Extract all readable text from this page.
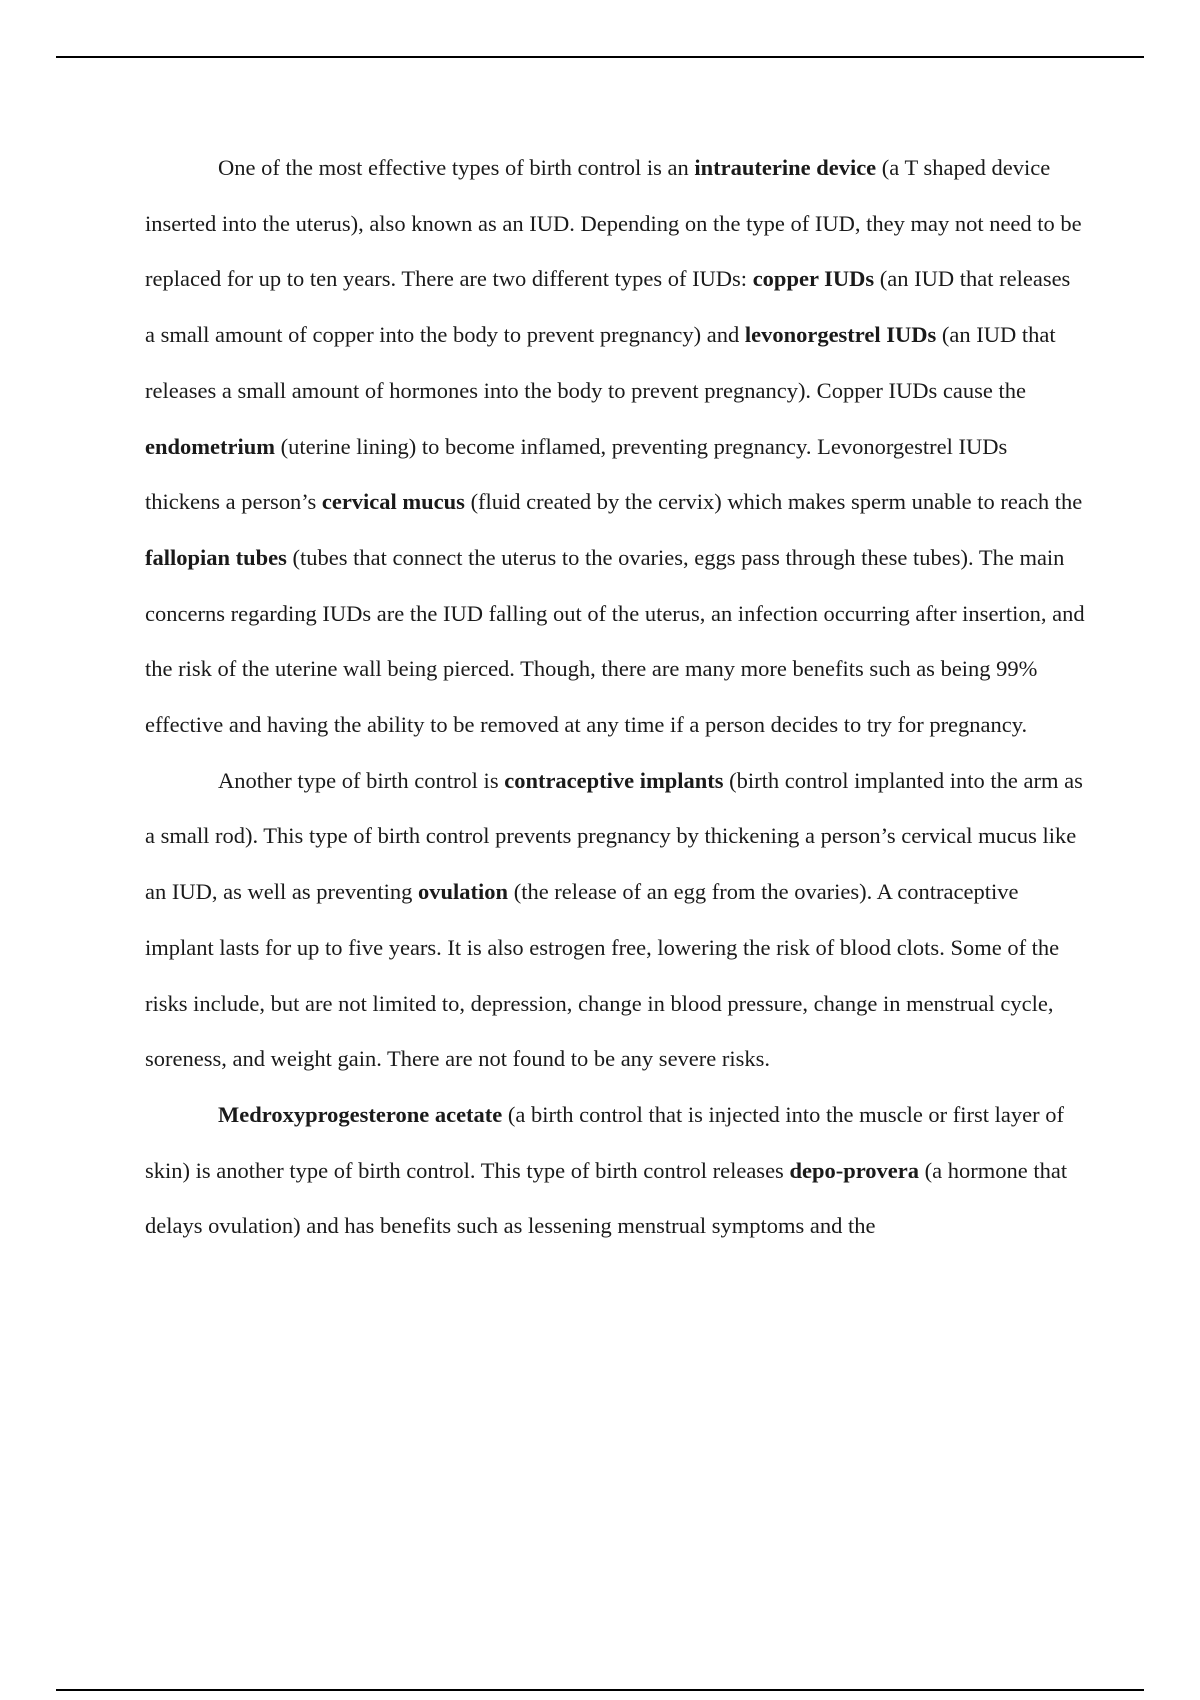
One of the most effective types of birth control is an intrauterine device (a T shaped device inserted into the uterus), also known as an IUD. Depending on the type of IUD, they may not need to be replaced for up to ten years. There are two different types of IUDs: copper IUDs (an IUD that releases a small amount of copper into the body to prevent pregnancy) and levonorgestrel IUDs (an IUD that releases a small amount of hormones into the body to prevent pregnancy). Copper IUDs cause the endometrium (uterine lining) to become inflamed, preventing pregnancy. Levonorgestrel IUDs thickens a person’s cervical mucus (fluid created by the cervix) which makes sperm unable to reach the fallopian tubes (tubes that connect the uterus to the ovaries, eggs pass through these tubes). The main concerns regarding IUDs are the IUD falling out of the uterus, an infection occurring after insertion, and the risk of the uterine wall being pierced. Though, there are many more benefits such as being 99% effective and having the ability to be removed at any time if a person decides to try for pregnancy.

Another type of birth control is contraceptive implants (birth control implanted into the arm as a small rod). This type of birth control prevents pregnancy by thickening a person’s cervical mucus like an IUD, as well as preventing ovulation (the release of an egg from the ovaries). A contraceptive implant lasts for up to five years. It is also estrogen free, lowering the risk of blood clots. Some of the risks include, but are not limited to, depression, change in blood pressure, change in menstrual cycle, soreness, and weight gain. There are not found to be any severe risks.

Medroxyprogesterone acetate (a birth control that is injected into the muscle or first layer of skin) is another type of birth control. This type of birth control releases depo-provera (a hormone that delays ovulation) and has benefits such as lessening menstrual symptoms and the
